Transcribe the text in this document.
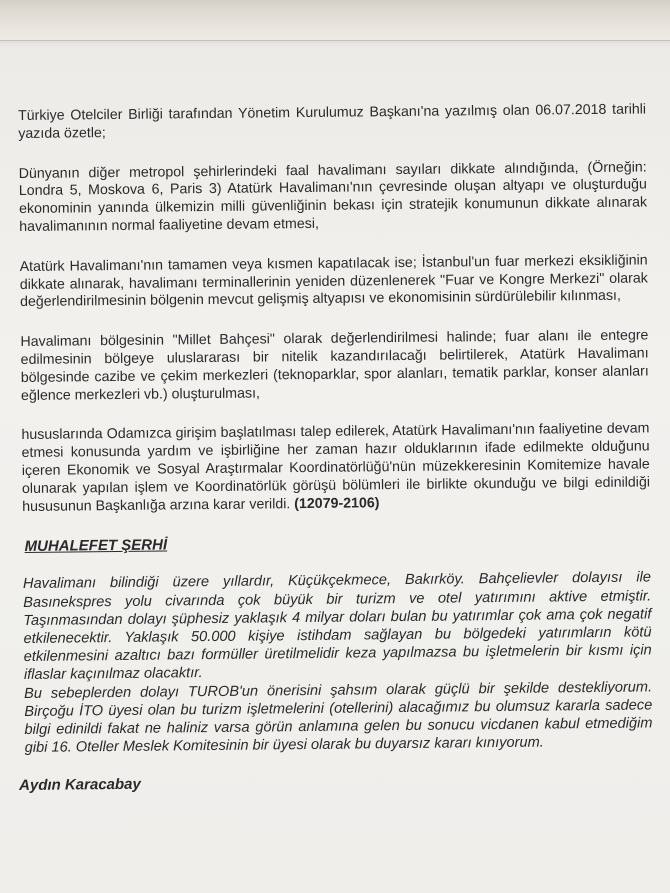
Türkiye Otelciler Birliği tarafından Yönetim Kurulumuz Başkanı'na yazılmış olan 06.07.2018 tarihli yazıda özetle;

Dünyanın diğer metropol şehirlerindeki faal havalimanı sayıları dikkate alındığında, (Örneğin: Londra 5, Moskova 6, Paris 3) Atatürk Havalimanı'nın çevresinde oluşan altyapı ve oluşturduğu ekonominin yanında ülkemizin milli güvenliğinin bekası için stratejik konumunun dikkate alınarak havalimanının normal faaliyetine devam etmesi,

Atatürk Havalimanı'nın tamamen veya kısmen kapatılacak ise; İstanbul'un fuar merkezi eksikliğinin dikkate alınarak, havalimanı terminallerinin yeniden düzenlenerek "Fuar ve Kongre Merkezi" olarak değerlendirilmesinin bölgenin mevcut gelişmiş altyapısı ve ekonomisinin sürdürülebilir kılınması,

Havalimanı bölgesinin "Millet Bahçesi" olarak değerlendirilmesi halinde; fuar alanı ile entegre edilmesinin bölgeye uluslararası bir nitelik kazandırılacağı belirtilerek, Atatürk Havalimanı bölgesinde cazibe ve çekim merkezleri (teknoparklar, spor alanları, tematik parklar, konser alanları eğlence merkezleri vb.) oluşturulması,

hususlarında Odamızca girişim başlatılması talep edilerek, Atatürk Havalimanı'nın faaliyetine devam etmesi konusunda yardım ve işbirliğine her zaman hazır olduklarının ifade edilmekte olduğunu içeren Ekonomik ve Sosyal Araştırmalar Koordinatörlüğü'nün müzekkeresinin Komitemize havale olunarak yapılan işlem ve Koordinatörlük görüşü bölümleri ile birlikte okunduğu ve bilgi edinildiği hususunun Başkanlığa arzına karar verildi. (12079-2106)

MUHALEFET ŞERHİ

Havalimanı bilindiği üzere yıllardır, Küçükçekmece, Bakırköy. Bahçelievler dolayısı ile Basınekspres yolu civarında çok büyük bir turizm ve otel yatırımını aktive etmiştir. Taşınmasından dolayı şüphesiz yaklaşık 4 milyar doları bulan bu yatırımlar çok ama çok negatif etkilenecektir. Yaklaşık 50.000 kişiye istihdam sağlayan bu bölgedeki yatırımların kötü etkilenmesini azaltıcı bazı formüller üretilmelidir keza yapılmazsa bu işletmelerin bir kısmı için iflaslar kaçınılmaz olacaktır.

Bu sebeplerden dolayı TUROB'un önerisini şahsım olarak güçlü bir şekilde destekliyorum. Birçoğu İTO üyesi olan bu turizm işletmelerini (otellerini) alacağımız bu olumsuz kararla sadece bilgi edinildi fakat ne haliniz varsa görün anlamına gelen bu sonucu vicdanen kabul etmediğim gibi 16. Oteller Meslek Komitesinin bir üyesi olarak bu duyarsız kararı kınıyorum.

Aydın Karacabay
